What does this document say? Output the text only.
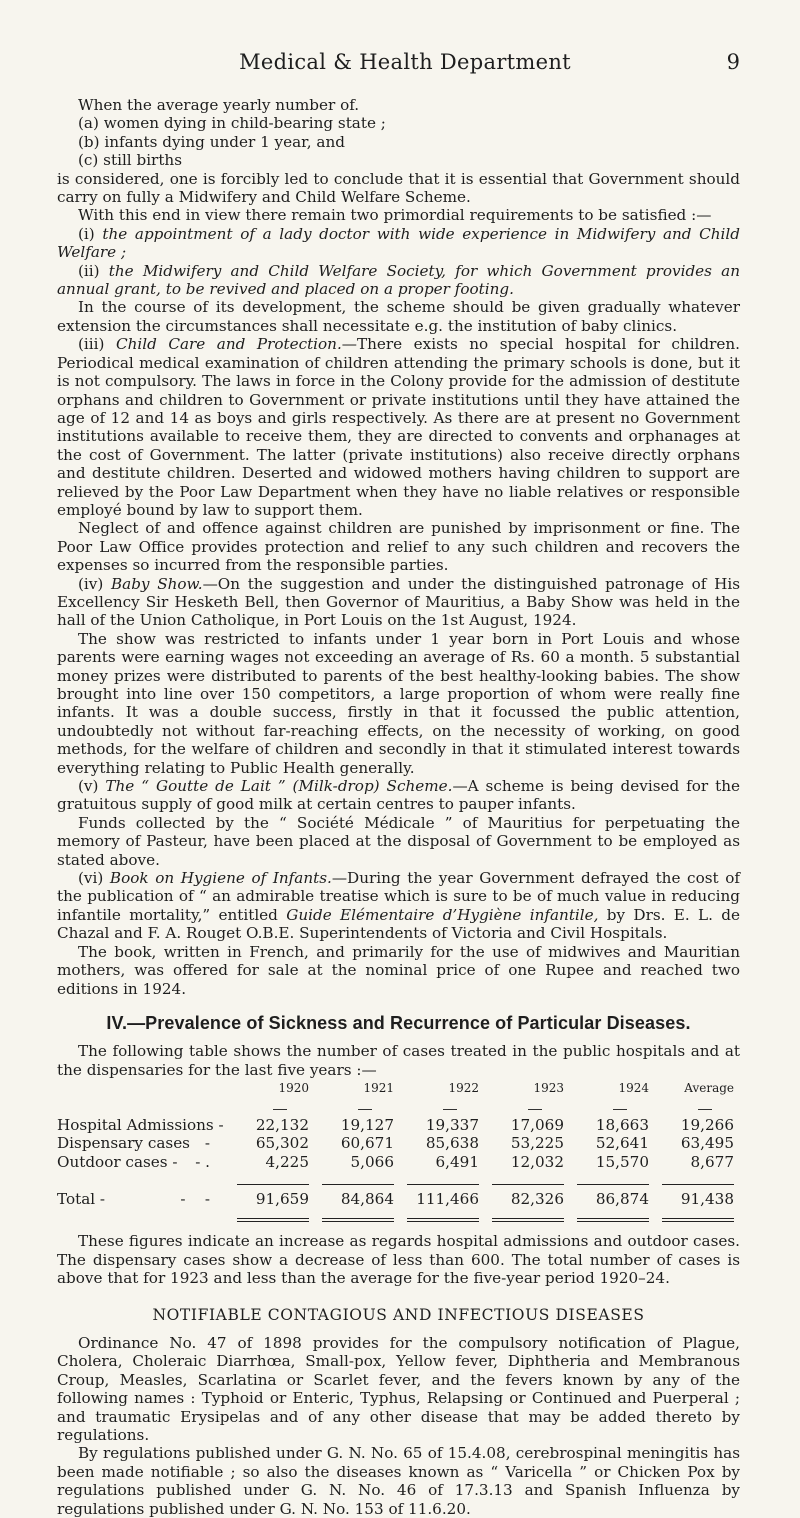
Medical & Health Department	9

When the average yearly number of.

(a) women dying in child-bearing state ;

(b) infants dying under 1 year, and

(c) still births

is considered, one is forcibly led to conclude that it is essential that Government should carry on fully a Midwifery and Child Welfare Scheme.

With this end in view there remain two primordial requirements to be satisfied :—

(i) the appointment of a lady doctor with wide experience in Midwifery and Child Welfare ;

(ii) the Midwifery and Child Welfare Society, for which Government provides an annual grant, to be revived and placed on a proper footing.

In the course of its development, the scheme should be given gradually whatever extension the circumstances shall necessitate e.g. the institution of baby clinics.

(iii) Child Care and Protection.—There exists no special hospital for children. Periodical medical examination of children attending the primary schools is done, but it is not compulsory. The laws in force in the Colony provide for the admission of destitute orphans and children to Government or private institutions until they have attained the age of 12 and 14 as boys and girls respectively. As there are at present no Government institutions available to receive them, they are directed to convents and orphanages at the cost of Government. The latter (private institutions) also receive directly orphans and destitute children. Deserted and widowed mothers having children to support are relieved by the Poor Law Department when they have no liable relatives or responsible employé bound by law to support them.

Neglect of and offence against children are punished by imprisonment or fine. The Poor Law Office provides protection and relief to any such children and recovers the expenses so incurred from the responsible parties.

(iv) Baby Show.—On the suggestion and under the distinguished patronage of His Excellency Sir Hesketh Bell, then Governor of Mauritius, a Baby Show was held in the hall of the Union Catholique, in Port Louis on the 1st August, 1924.

The show was restricted to infants under 1 year born in Port Louis and whose parents were earning wages not exceeding an average of Rs. 60 a month. 5 substantial money prizes were distributed to parents of the best healthy-looking babies. The show brought into line over 150 competitors, a large proportion of whom were really fine infants. It was a double success, firstly in that it focussed the public attention, undoubtedly not without far-reaching effects, on the necessity of working, on good methods, for the welfare of children and secondly in that it stimulated interest towards everything relating to Public Health generally.

(v) The “ Goutte de Lait ” (Milk-drop) Scheme.—A scheme is being devised for the gratuitous supply of good milk at certain centres to pauper infants.

Funds collected by the “ Société Médicale ” of Mauritius for perpetuating the memory of Pasteur, have been placed at the disposal of Government to be employed as stated above.

(vi) Book on Hygiene of Infants.—During the year Government defrayed the cost of the publication of “ an admirable treatise which is sure to be of much value in reducing infantile mortality,” entitled Guide Elémentaire d’Hygiène infantile, by Drs. E. L. de Chazal and F. A. Rouget O.B.E. Superintendents of Victoria and Civil Hospitals.

The book, written in French, and primarily for the use of midwives and Mauritian mothers, was offered for sale at the nominal price of one Rupee and reached two editions in 1924.

IV.—Prevalence of Sickness and Recurrence of Particular Diseases.

The following table shows the number of cases treated in the public hospitals and at the dispensaries for the last five years :—

	1920	1921	1922	1923	1924	Average

Hospital Admissions -	22,132	19,127	19,337	17,069	18,663	19,266
Dispensary cases -	65,302	60,671	85,638	53,225	52,641	63,495
Outdoor cases - - .	4,225	5,066	6,491	12,032	15,570	8,677

Total - -    -	91,659	84,864	111,466	82,326	86,874	91,438

These figures indicate an increase as regards hospital admissions and outdoor cases. The dispensary cases show a decrease of less than 600. The total number of cases is above that for 1923 and less than the average for the five-year period 1920–24.

NOTIFIABLE CONTAGIOUS AND INFECTIOUS DISEASES

Ordinance No. 47 of 1898 provides for the compulsory notification of Plague, Cholera, Choleraic Diarrhœa, Small-pox, Yellow fever, Diphtheria and Membranous Croup, Measles, Scarlatina or Scarlet fever, and the fevers known by any of the following names : Typhoid or Enteric, Typhus, Relapsing or Continued and Puerperal ; and traumatic Erysipelas and of any other disease that may be added thereto by regulations.

By regulations published under G. N. No. 65 of 15.4.08, cerebrospinal meningitis has been made notifiable ; so also the diseases known as “ Varicella ” or Chicken Pox by regulations published under G. N. No. 46 of 17.3.13 and Spanish Influenza by regulations published under G. N. No. 153 of 11.6.20.
